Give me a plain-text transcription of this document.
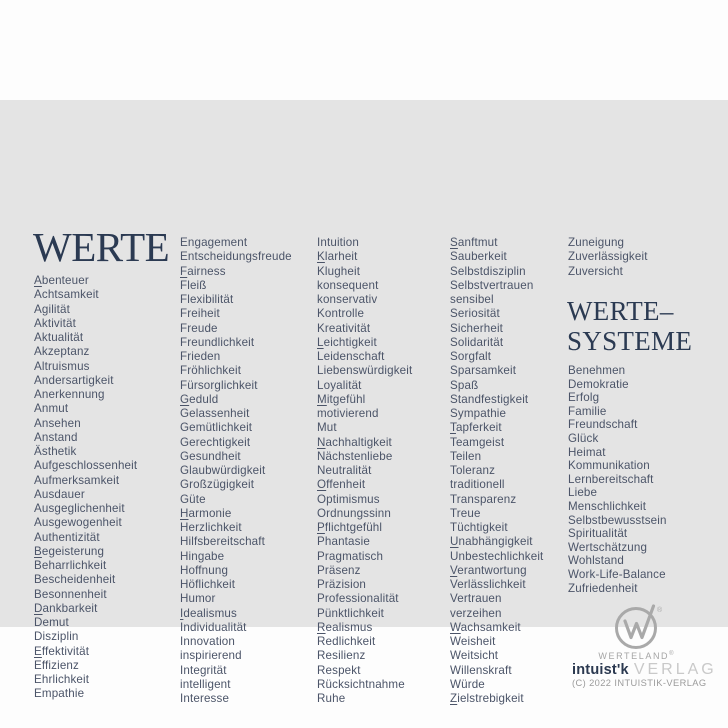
WERTE
Abenteuer
Achtsamkeit
Agilität
Aktivität
Aktualität
Akzeptanz
Altruismus
Andersartigkeit
Anerkennung
Anmut
Ansehen
Anstand
Ästhetik
Aufgeschlossenheit
Aufmerksamkeit
Ausdauer
Ausgeglichenheit
Ausgewogenheit
Authentizität
Begeisterung
Beharrlichkeit
Bescheidenheit
Besonnenheit
Dankbarkeit
Demut
Disziplin
Effektivität
Effizienz
Ehrlichkeit
Empathie
Engagement
Entscheidungsfreude
Fairness
Fleiß
Flexibilität
Freiheit
Freude
Freundlichkeit
Frieden
Fröhlichkeit
Fürsorglichkeit
Geduld
Gelassenheit
Gemütlichkeit
Gerechtigkeit
Gesundheit
Glaubwürdigkeit
Großzügigkeit
Güte
Harmonie
Herzlichkeit
Hilfsbereitschaft
Hingabe
Hoffnung
Höflichkeit
Humor
Idealismus
Individualität
Innovation
inspirierend
Integrität
intelligent
Interesse
Intuition
Klarheit
Klugheit
konsequent
konservativ
Kontrolle
Kreativität
Leichtigkeit
Leidenschaft
Liebenswürdigkeit
Loyalität
Mitgefühl
motivierend
Mut
Nachhaltigkeit
Nächstenliebe
Neutralität
Offenheit
Optimismus
Ordnungssinn
Pflichtgefühl
Phantasie
Pragmatisch
Präsenz
Präzision
Professionalität
Pünktlichkeit
Realismus
Redlichkeit
Resilienz
Respekt
Rücksichtnahme
Ruhe
Sanftmut
Sauberkeit
Selbstdisziplin
Selbstvertrauen
sensibel
Seriosität
Sicherheit
Solidarität
Sorgfalt
Sparsamkeit
Spaß
Standfestigkeit
Sympathie
Tapferkeit
Teamgeist
Teilen
Toleranz
traditionell
Transparenz
Treue
Tüchtigkeit
Unabhängigkeit
Unbestechlichkeit
Verantwortung
Verlässlichkeit
Vertrauen
verzeihen
Wachsamkeit
Weisheit
Weitsicht
Willenskraft
Würde
Zielstrebigkeit
Zuneigung
Zuverlässigkeit
Zuversicht
WERTE–
SYSTEME
Benehmen
Demokratie
Erfolg
Familie
Freundschaft
Glück
Heimat
Kommunikation
Lernbereitschaft
Liebe
Menschlichkeit
Selbstbewusstsein
Spiritualität
Wertschätzung
Wohlstand
Work-Life-Balance
Zufriedenheit
®
WERTELAND®
intuist'k VERLAG
(C) 2022 INTUISTIK-VERLAG
